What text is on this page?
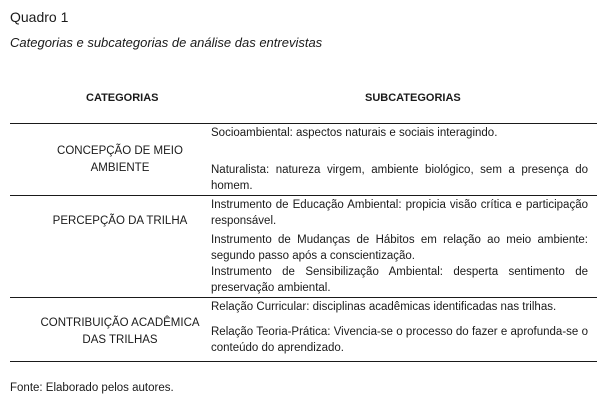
Quadro 1
Categorias e subcategorias de análise das entrevistas
CATEGORIAS	SUBCATEGORIAS
CONCEPÇÃO DE MEIO AMBIENTE
Socioambiental: aspectos naturais e sociais interagindo.
Naturalista: natureza virgem, ambiente biológico, sem a presença do homem.
PERCEPÇÃO DA TRILHA
Instrumento de Educação Ambiental: propicia visão crítica e participação responsável.
Instrumento de Mudanças de Hábitos em relação ao meio ambiente: segundo passo após a conscientização.
Instrumento de Sensibilização Ambiental: desperta sentimento de preservação ambiental.
CONTRIBUIÇÃO ACADÊMICA DAS TRILHAS
Relação Curricular: disciplinas acadêmicas identificadas nas trilhas.
Relação Teoria-Prática: Vivencia-se o processo do fazer e aprofunda-se o conteúdo do aprendizado.
Fonte: Elaborado pelos autores.
